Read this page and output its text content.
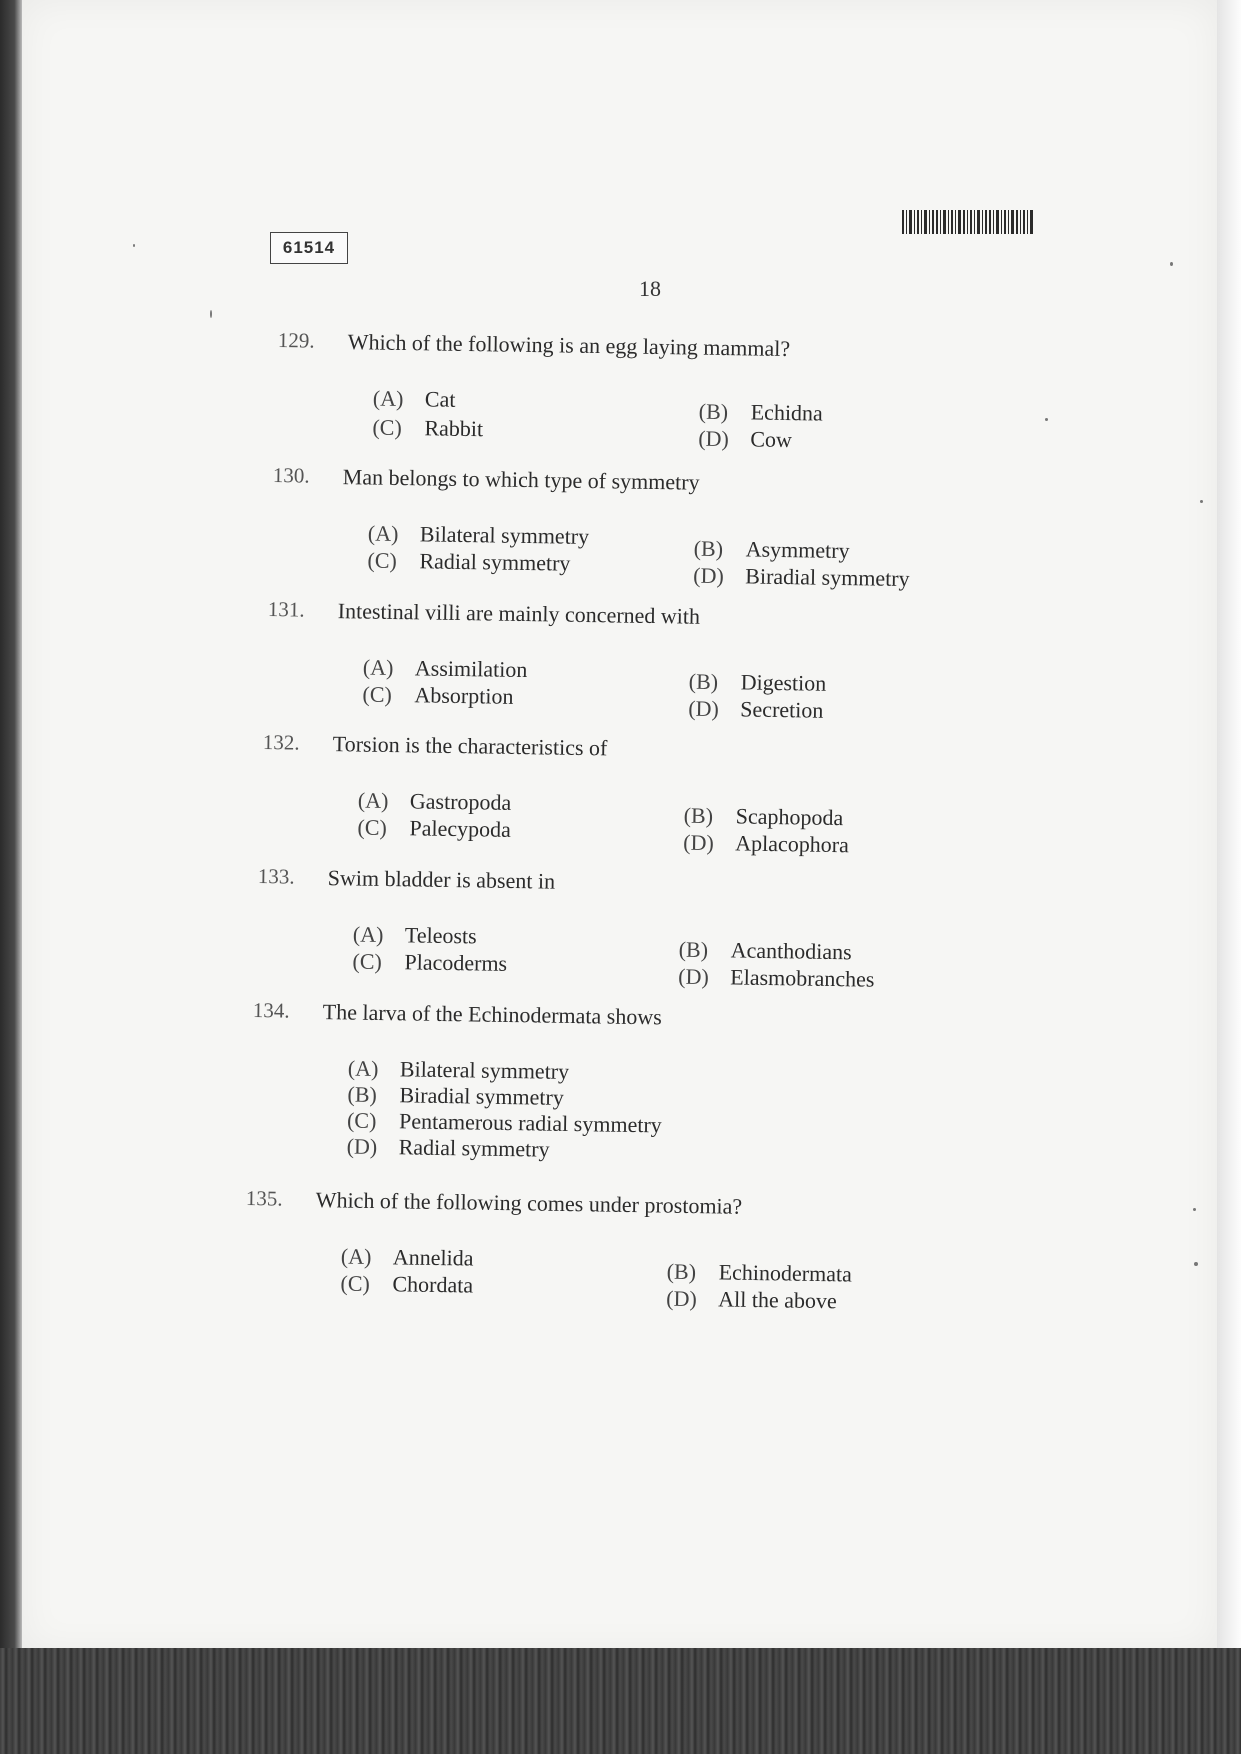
61514
18
129.	Which of the following is an egg laying mammal?
(A) Cat
(C) Rabbit
(B) Echidna
(D) Cow
130.	Man belongs to which type of symmetry
(A) Bilateral symmetry
(C) Radial symmetry	(B) Asymmetry
(D) Biradial symmetry
131.	Intestinal villi are mainly concerned with
(A) Assimilation
(C) Absorption
(B) Digestion
(D) Secretion
132.	Torsion is the characteristics of
(A) Gastropoda
(C) Palecypoda	(B) Scaphopoda
(D) Aplacophora
133.	Swim bladder is absent in
(A) Teleosts
(C) Placoderms	(B) Acanthodians
(D) Elasmobranches
134.	The larva of the Echinodermata shows
(A) Bilateral symmetry
(B) Biradial symmetry
(C) Pentamerous radial symmetry
(D) Radial symmetry
135.	Which of the following comes under prostomia?
(A) Annelida
(C) Chordata	(B) Echinodermata
(D) All the above
